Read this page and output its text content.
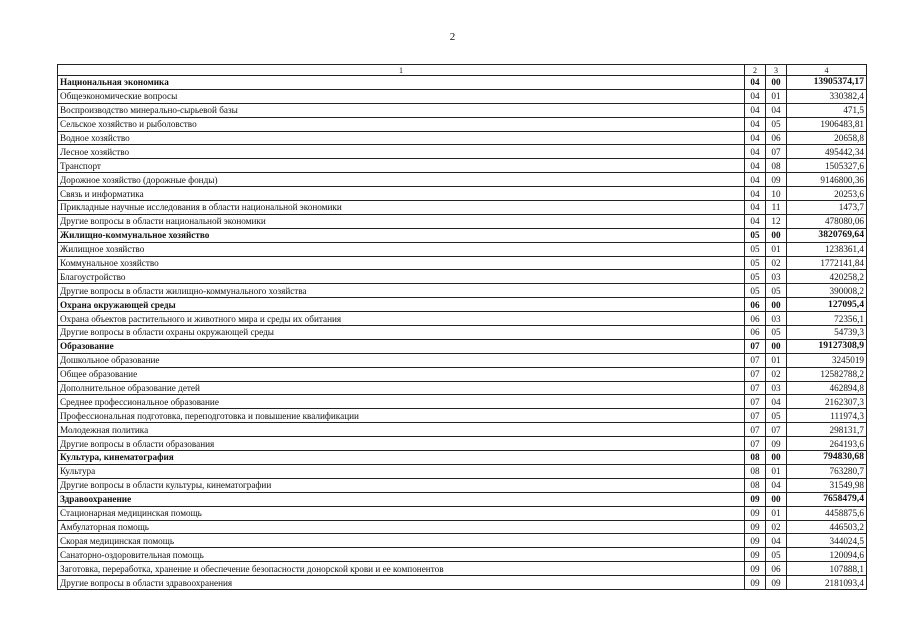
2
1	2	3	4
Национальная экономика	04	00	13905374,17
Общеэкономические вопросы	04	01	330382,4
Воспроизводство минерально-сырьевой базы	04	04	471,5
Сельское хозяйство и рыболовство	04	05	1906483,81
Водное хозяйство	04	06	20658,8
Лесное хозяйство	04	07	495442,34
Транспорт	04	08	1505327,6
Дорожное хозяйство (дорожные фонды)	04	09	9146800,36
Связь и информатика	04	10	20253,6
Прикладные научные исследования в области национальной экономики	04	11	1473,7
Другие вопросы в области национальной экономики	04	12	478080,06
Жилищно-коммунальное хозяйство	05	00	3820769,64
Жилищное хозяйство	05	01	1238361,4
Коммунальное хозяйство	05	02	1772141,84
Благоустройство	05	03	420258,2
Другие вопросы в области жилищно-коммунального хозяйства	05	05	390008,2
Охрана окружающей среды	06	00	127095,4
Охрана объектов растительного и животного мира и среды их обитания	06	03	72356,1
Другие вопросы в области охраны окружающей среды	06	05	54739,3
Образование	07	00	19127308,9
Дошкольное образование	07	01	3245019
Общее образование	07	02	12582788,2
Дополнительное образование детей	07	03	462894,8
Среднее профессиональное образование	07	04	2162307,3
Профессиональная подготовка, переподготовка и повышение квалификации	07	05	111974,3
Молодежная политика	07	07	298131,7
Другие вопросы в области образования	07	09	264193,6
Культура, кинематография	08	00	794830,68
Культура	08	01	763280,7
Другие вопросы в области культуры, кинематографии	08	04	31549,98
Здравоохранение	09	00	7658479,4
Стационарная медицинская помощь	09	01	4458875,6
Амбулаторная помощь	09	02	446503,2
Скорая медицинская помощь	09	04	344024,5
Санаторно-оздоровительная помощь	09	05	120094,6
Заготовка, переработка, хранение и обеспечение безопасности донорской крови и ее компонентов	09	06	107888,1
Другие вопросы в области здравоохранения	09	09	2181093,4
